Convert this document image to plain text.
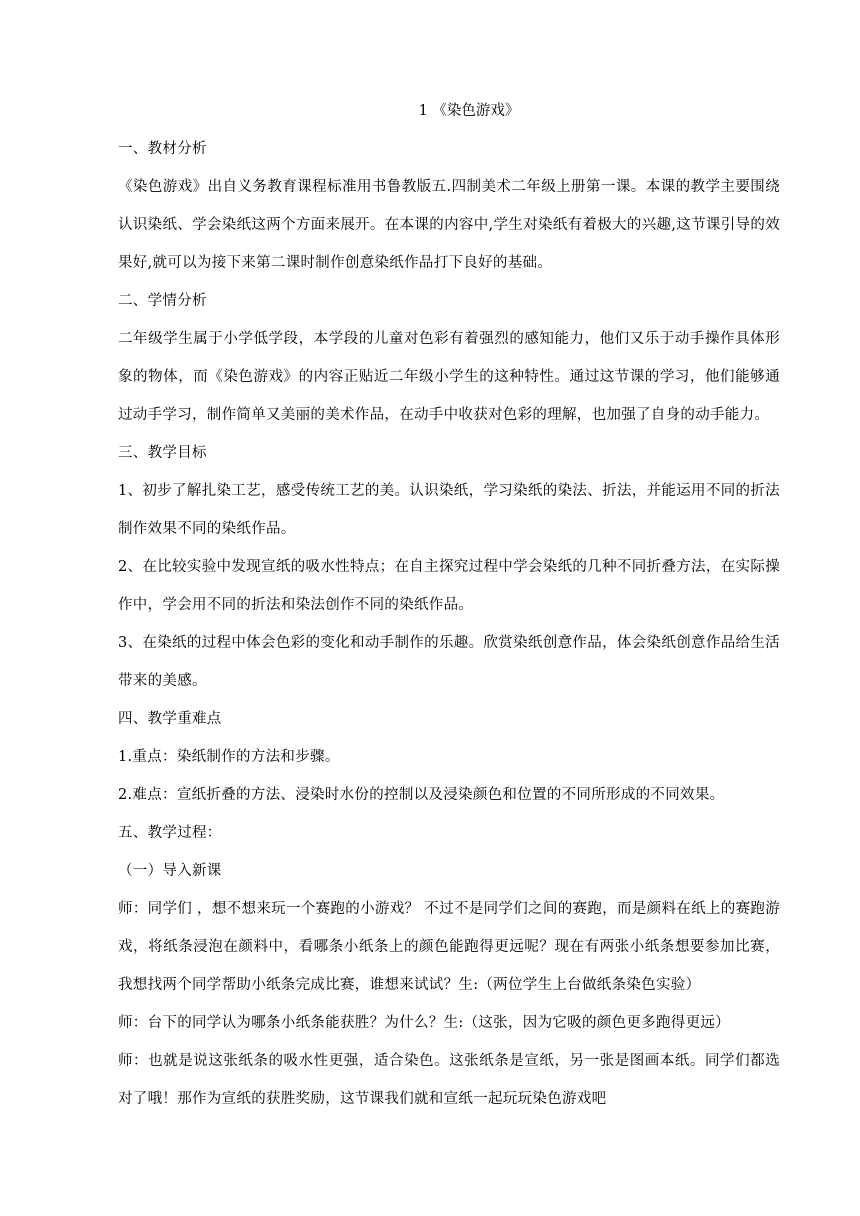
1 《染色游戏》

一、教材分析

《染色游戏》出自义务教育课程标准用书鲁教版五.四制美术二年级上册第一课。本课的教学主要围绕认识染纸、学会染纸这两个方面来展开。在本课的内容中,学生对染纸有着极大的兴趣,这节课引导的效果好,就可以为接下来第二课时制作创意染纸作品打下良好的基础。

二、学情分析

二年级学生属于小学低学段，本学段的儿童对色彩有着强烈的感知能力，他们又乐于动手操作具体形象的物体，而《染色游戏》的内容正贴近二年级小学生的这种特性。通过这节课的学习，他们能够通过动手学习，制作简单又美丽的美术作品，在动手中收获对色彩的理解，也加强了自身的动手能力。

三、教学目标

1、初步了解扎染工艺，感受传统工艺的美。认识染纸，学习染纸的染法、折法，并能运用不同的折法制作效果不同的染纸作品。

2、在比较实验中发现宣纸的吸水性特点；在自主探究过程中学会染纸的几种不同折叠方法，在实际操作中，学会用不同的折法和染法创作不同的染纸作品。

3、在染纸的过程中体会色彩的变化和动手制作的乐趣。欣赏染纸创意作品，体会染纸创意作品给生活带来的美感。

四、教学重难点

1.重点：染纸制作的方法和步骤。

2.难点：宣纸折叠的方法、浸染时水份的控制以及浸染颜色和位置的不同所形成的不同效果。

五、教学过程：

（一）导入新课

师：同学们 ，想不想来玩一个赛跑的小游戏？ 不过不是同学们之间的赛跑，而是颜料在纸上的赛跑游戏，将纸条浸泡在颜料中，看哪条小纸条上的颜色能跑得更远呢？现在有两张小纸条想要参加比赛，我想找两个同学帮助小纸条完成比赛，谁想来试试？生:（两位学生上台做纸条染色实验）

师：台下的同学认为哪条小纸条能获胜？为什么？生:（这张，因为它吸的颜色更多跑得更远）

师：也就是说这张纸条的吸水性更强，适合染色。这张纸条是宣纸，另一张是图画本纸。同学们都选对了哦！那作为宣纸的获胜奖励，这节课我们就和宣纸一起玩玩染色游戏吧
